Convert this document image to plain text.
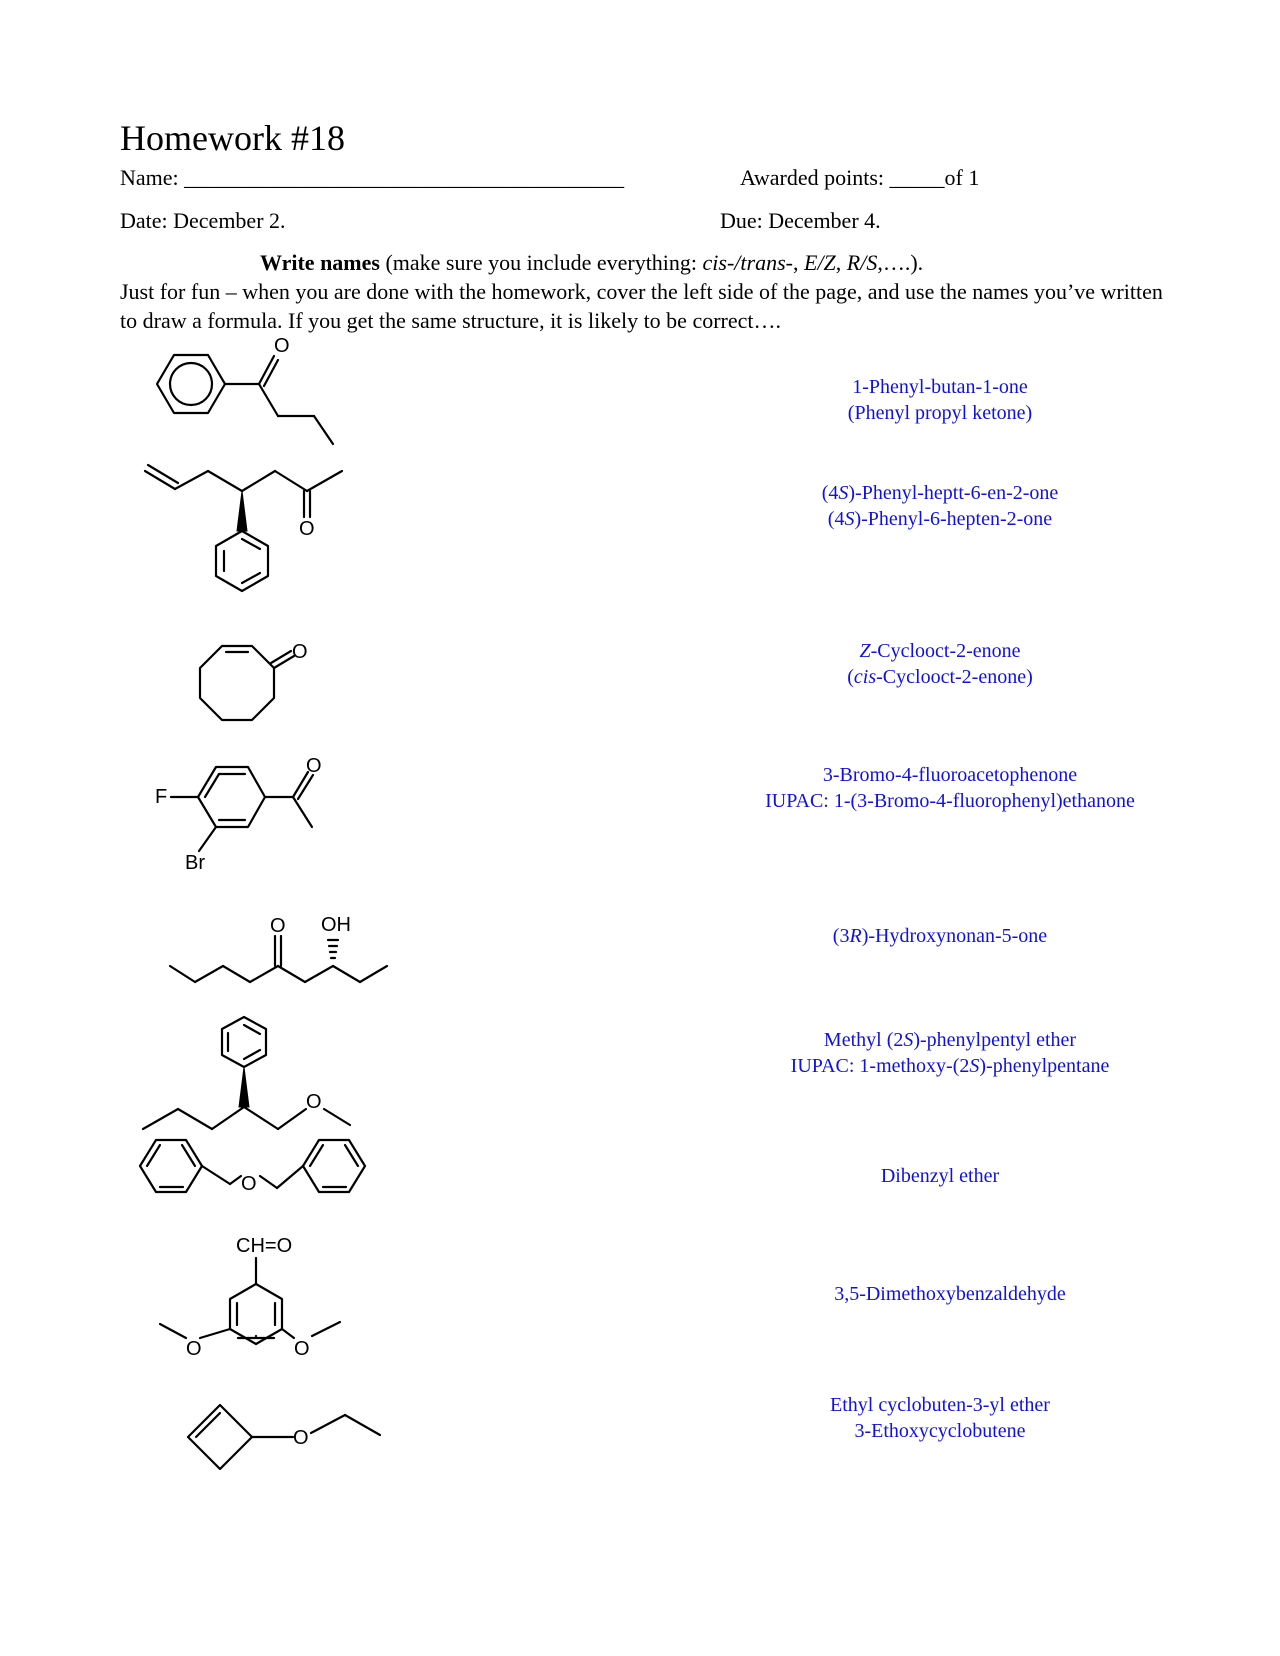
Homework #18
Name: ________________________________________	Awarded points: _____of 1
Date: December 2.	Due: December 4.
Write names (make sure you include everything: cis-/trans-, E/Z, R/S,….).
Just for fun – when you are done with the homework, cover the left side of the page, and use the names you’ve written to draw a formula. If you get the same structure, it is likely to be correct….
O
O
O
F
O
Br
O OH
O
O
CH=O
O	O
O
1-Phenyl-butan-1-one
(Phenyl propyl ketone)
(4S)-Phenyl-heptt-6-en-2-one
(4S)-Phenyl-6-hepten-2-one
Z-Cyclooct-2-enone
(cis-Cyclooct-2-enone)
3-Bromo-4-fluoroacetophenone
IUPAC: 1-(3-Bromo-4-fluorophenyl)ethanone
(3R)-Hydroxynonan-5-one
Methyl (2S)-phenylpentyl ether
IUPAC: 1-methoxy-(2S)-phenylpentane
Dibenzyl ether
3,5-Dimethoxybenzaldehyde
Ethyl cyclobuten-3-yl ether
3-Ethoxycyclobutene
